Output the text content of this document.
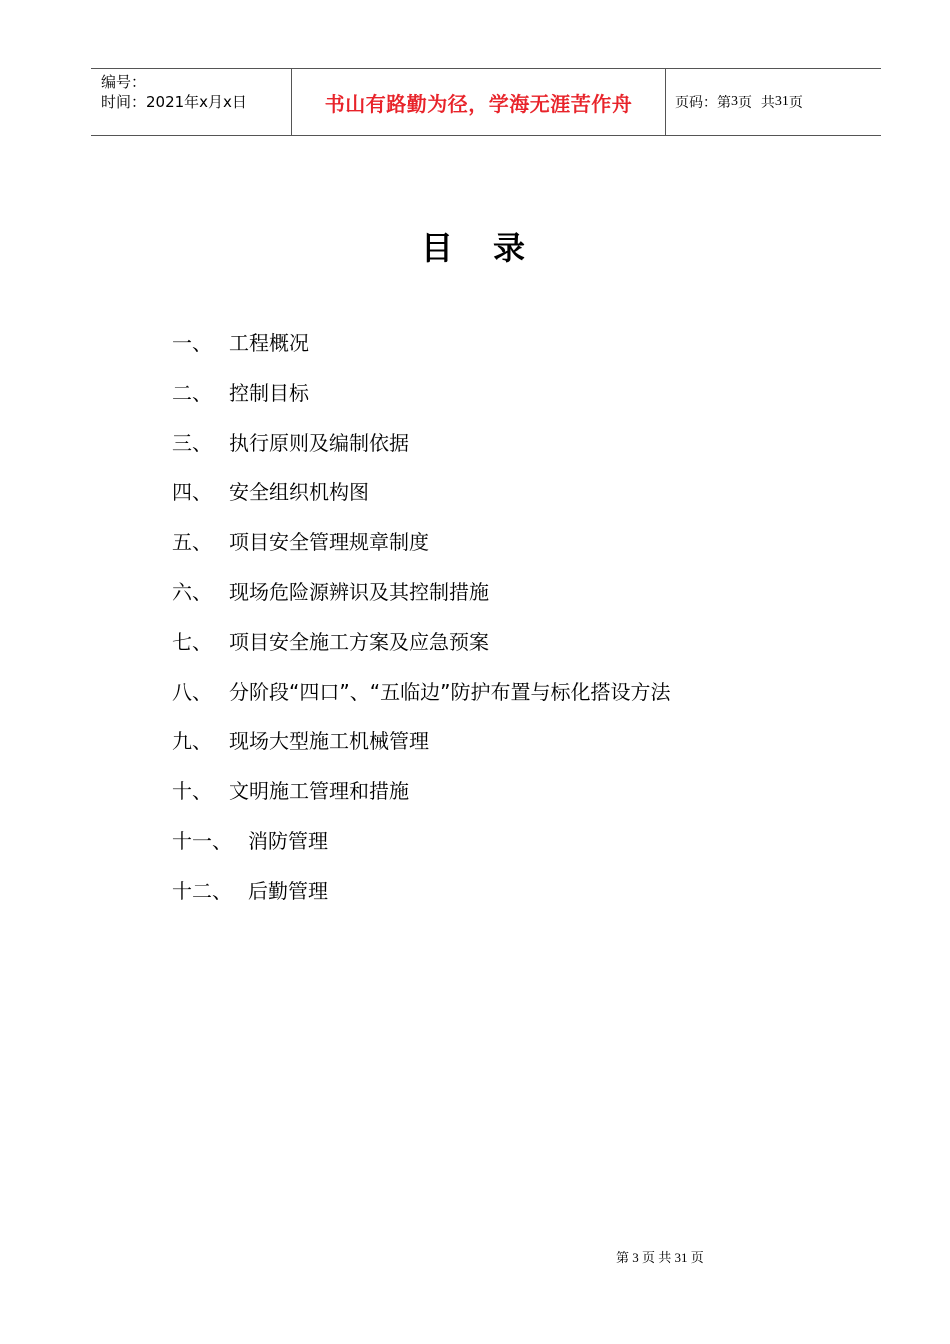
编号：
时间：2021年x月x日	书山有路勤为径，学海无涯苦作舟	页码：第 3 页  共 31 页
目　录
一、 工程概况
二、 控制目标
三、 执行原则及编制依据
四、 安全组织机构图
五、 项目安全管理规章制度
六、 现场危险源辨识及其控制措施
七、 项目安全施工方案及应急预案
八、 分阶段“四口”、“五临边”防护布置与标化搭设方法
九、 现场大型施工机械管理
十、 文明施工管理和措施
十一、 消防管理
十二、 后勤管理
第 3 页 共 31 页
